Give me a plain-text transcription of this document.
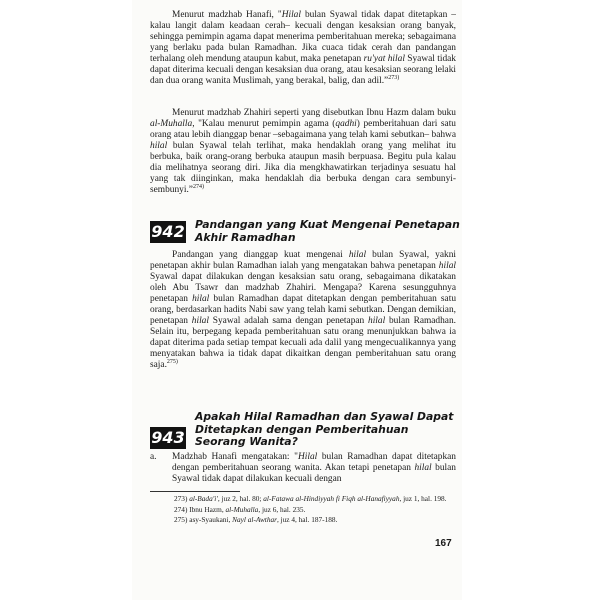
Menurut madzhab Hanafi, "Hilal bulan Syawal tidak dapat ditetapkan –kalau langit dalam keadaan cerah– kecuali dengan kesaksian orang banyak, sehingga pemimpin agama dapat menerima pemberitahuan mereka; sebagaimana yang berlaku pada bulan Ramadhan. Jika cuaca tidak cerah dan pandangan terhalang oleh mendung ataupun kabut, maka penetapan ru'yat hilal Syawal tidak dapat diterima kecuali dengan kesaksian dua orang, atau kesaksian seorang lelaki dan dua orang wanita Muslimah, yang berakal, balig, dan adil.”$^{273)}$

Menurut madzhab Zhahiri seperti yang disebutkan Ibnu Hazm dalam buku al-Muhalla, "Kalau menurut pemimpin agama (qadhi) pemberitahuan dari satu orang atau lebih dianggap benar –sebagaimana yang telah kami sebutkan– bahwa hilal bulan Syawal telah terlihat, maka hendaklah orang yang melihat itu berbuka, baik orang-orang berbuka ataupun masih berpuasa. Begitu pula kalau dia melihatnya seorang diri. Jika dia mengkhawatirkan terjadinya sesuatu hal yang tak diinginkan, maka hendaklah dia berbuka dengan cara sembunyi-sembunyi.”$^{274)}$

942 Pandangan yang Kuat Mengenai Penetapan Akhir Ramadhan

Pandangan yang dianggap kuat mengenai hilal bulan Syawal, yakni penetapan akhir bulan Ramadhan ialah yang mengatakan bahwa penetapan hilal Syawal dapat dilakukan dengan kesaksian satu orang, sebagaimana dikatakan oleh Abu Tsawr dan madzhab Zhahiri. Mengapa? Karena sesungguhnya penetapan hilal bulan Ramadhan dapat ditetapkan dengan pemberitahuan satu orang, berdasarkan hadits Nabi saw yang telah kami sebutkan. Dengan demikian, penetapan hilal Syawal adalah sama dengan penetapan hilal bulan Ramadhan. Selain itu, berpegang kepada pemberitahuan satu orang menunjukkan bahwa ia dapat diterima pada setiap tempat kecuali ada dalil yang mengecualikannya yang menyatakan bahwa ia tidak dapat dikaitkan dengan pemberitahuan satu orang saja.$^{275)}$

Apakah Hilal Ramadhan dan Syawal Dapat Ditetapkan dengan Pemberitahuan Seorang Wanita?
943
a. Madzhab Hanafi mengatakan: "Hilal bulan Ramadhan dapat ditetapkan dengan pemberitahuan seorang wanita. Akan tetapi penetapan hilal bulan Syawal tidak dapat dilakukan kecuali dengan

273) al-Bada'i', juz 2, hal. 80; al-Fatawa al-Hindiyyah fi Fiqh al-Hanafiyyah, juz 1, hal. 198.
274) Ibnu Hazm, al-Muhalla, juz 6, hal. 235.
275) asy-Syaukani, Nayl al-Awthar, juz 4, hal. 187-188.
167
